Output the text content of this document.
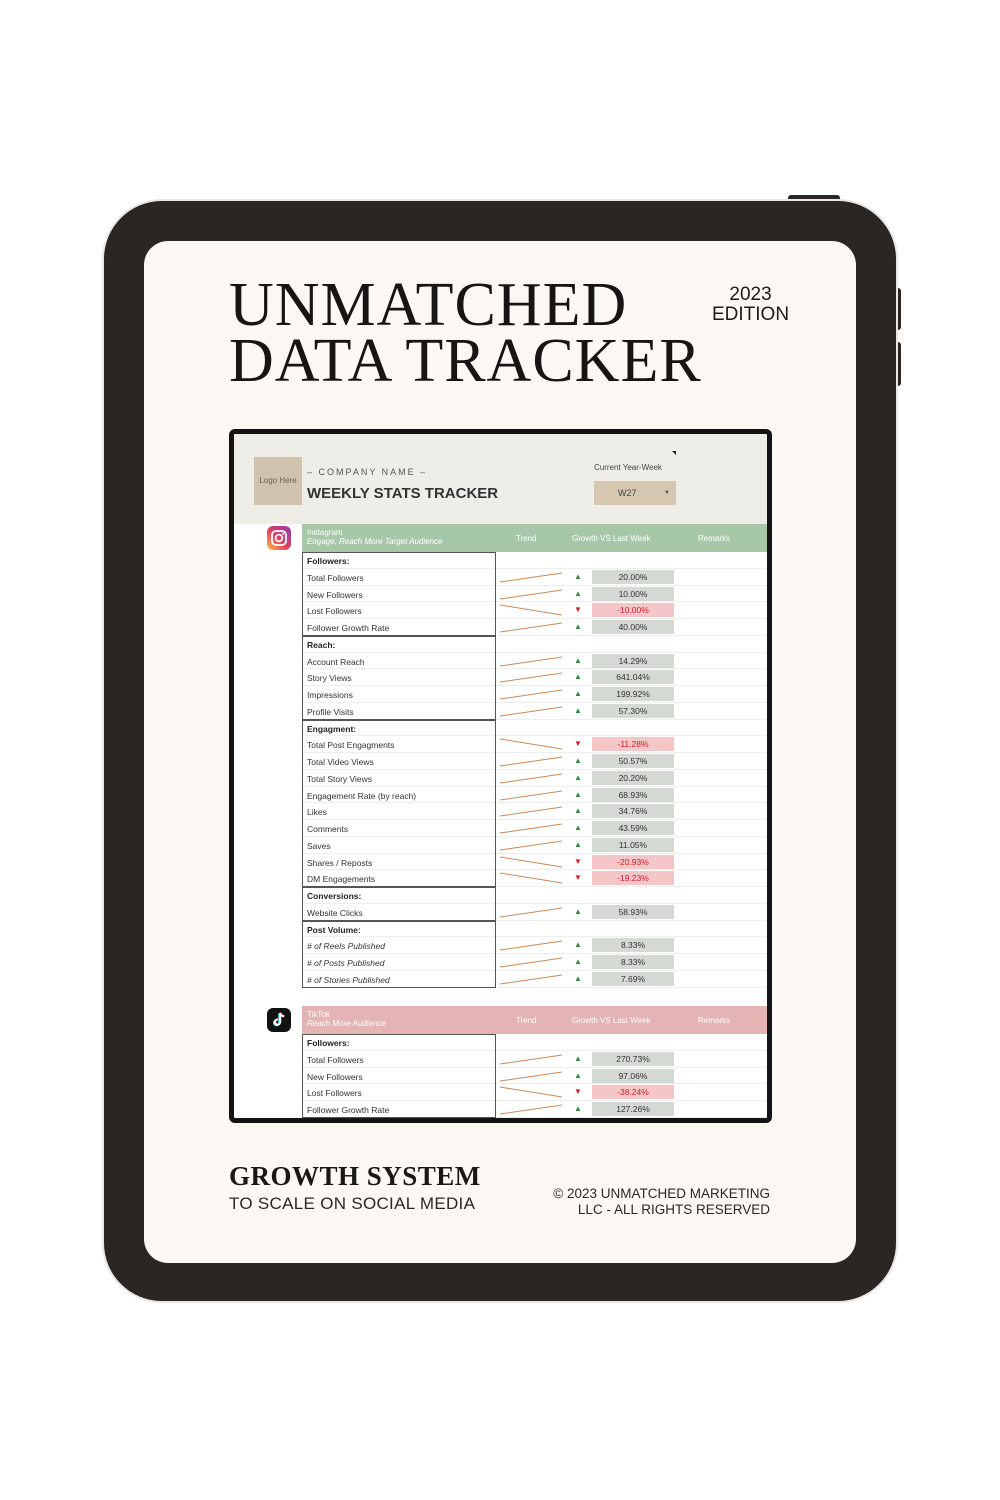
UNMATCHED
DATA TRACKER
2023
EDITION
Logo Here
– COMPANY NAME –
WEEKLY STATS TRACKER
Current Year-Week
W27	▼
Instagram
Engage, Reach More Target Audience	Trend	Growth VS Last Week	Remarks
Followers:
Total Followers	▲	20.00%
New Followers	▲	10.00%
Lost Followers	▼	-10.00%
Follower Growth Rate	▲	40.00%
Reach:
Account Reach	▲	14.29%
Story Views	▲	641.04%
Impressions	▲	199.92%
Profile Visits	▲	57.30%
Engagment:
Total Post Engagments	▼	-11.28%
Total Video Views	▲	50.57%
Total Story Views	▲	20.20%
Engagement Rate (by reach)	▲	68.93%
Likes	▲	34.76%
Comments	▲	43.59%
Saves	▲	11.05%
Shares / Reposts	▼	-20.93%
DM Engagements	▼	-19.23%
Conversions:
Website Clicks	▲	58.93%
Post Volume:
# of Reels Published	▲	8.33%
# of Posts Published	▲	8.33%
# of Stories Published	▲	7.69%
TikTok
Reach More Audience	Trend	Growth VS Last Week	Remarks
Followers:
Total Followers	▲	270.73%
New Followers	▲	97.06%
Lost Followers	▼	-38.24%
Follower Growth Rate	▲	127.26%
GROWTH SYSTEM
TO SCALE ON SOCIAL MEDIA
© 2023 UNMATCHED MARKETING
LLC - ALL RIGHTS RESERVED
